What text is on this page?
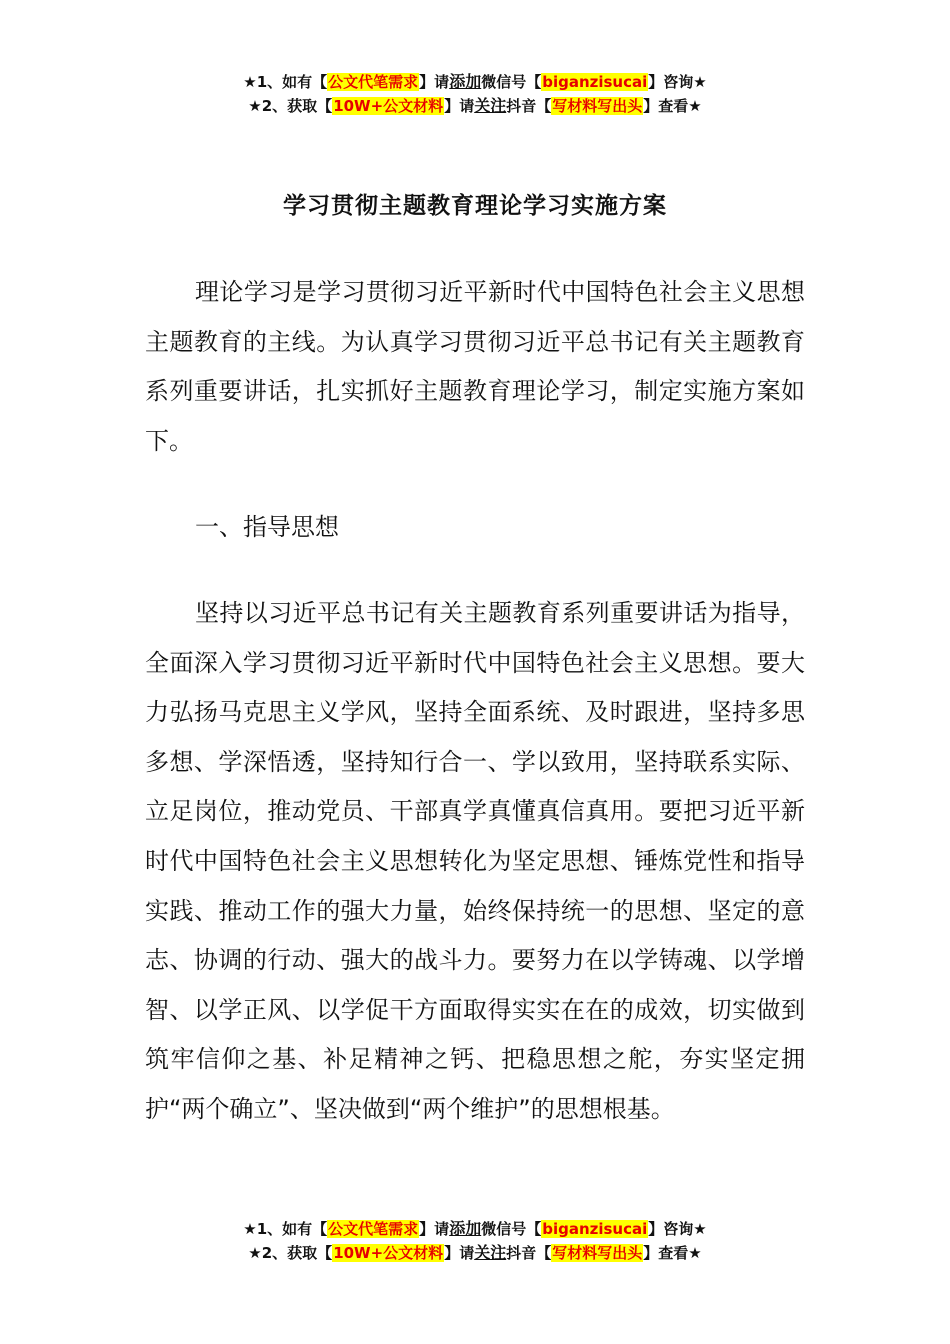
★1、如有【公文代笔需求】请添加微信号【biganzisucai】咨询★
★2、获取【10W+公文材料】请关注抖音【写材料写出头】查看★
学习贯彻主题教育理论学习实施方案

理论学习是学习贯彻习近平新时代中国特色社会主义思想主题教育的主线。为认真学习贯彻习近平总书记有关主题教育系列重要讲话，扎实抓好主题教育理论学习，制定实施方案如下。

一、指导思想

坚持以习近平总书记有关主题教育系列重要讲话为指导，全面深入学习贯彻习近平新时代中国特色社会主义思想。要大力弘扬马克思主义学风，坚持全面系统、及时跟进，坚持多思多想、学深悟透，坚持知行合一、学以致用，坚持联系实际、立足岗位，推动党员、干部真学真懂真信真用。要把习近平新时代中国特色社会主义思想转化为坚定思想、锤炼党性和指导实践、推动工作的强大力量，始终保持统一的思想、坚定的意志、协调的行动、强大的战斗力。要努力在以学铸魂、以学增智、以学正风、以学促干方面取得实实在在的成效，切实做到筑牢信仰之基、补足精神之钙、把稳思想之舵，夯实坚定拥护“两个确立”、坚决做到“两个维护”的思想根基。

★1、如有【公文代笔需求】请添加微信号【biganzisucai】咨询★
★2、获取【10W+公文材料】请关注抖音【写材料写出头】查看★
